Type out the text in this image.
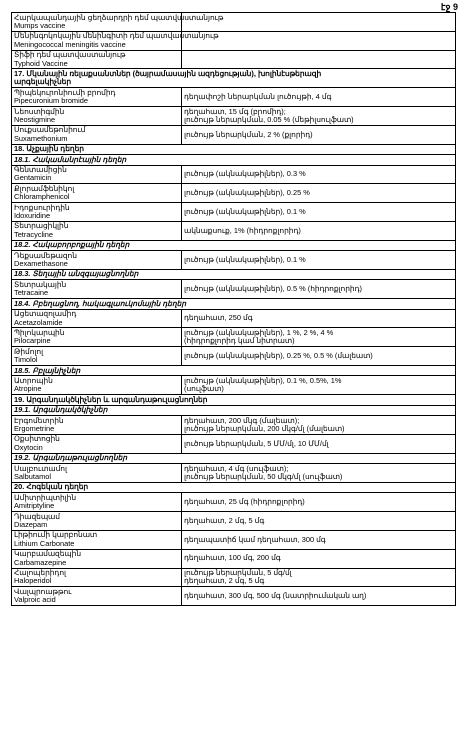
էջ 9
Հարկապանդային ցեղձարդրի դեմ պատվաստանյութ
Mumps vaccine	

Մենինգոկոկային մենինգիտի դեմ պատվաստանյութ
Meningococcal meningitis vaccine	

Տիֆի դեմ պատվաստանյութ
Typhoid Vaccine	

17. Մկանային ռելաքսանտներ (ծայրամասային ազդեցության), խոլինէսթերազի
արգելակիչներ	

Պիպեկուրոնիումի բրոմիդ
Pipecuronium bromide	դեղափոշի ներարկման լուծույթի, 4 մգ

Նեոստիգմին
Neostigmine	դեղահատ, 15 մգ (բրոմիդ);
լուծույթ ներարկման, 0.05 % (մեթիլսուլֆատ)

Սուքսամեթոնիում
Suxamethonium	լուծույթ ներարկման, 2 % (քլորիդ)

18. Աչքային դեղեր	

18.1. Հակամանրէային դեղեր	

Գենտամիցին
Gentamicin	լուծույթ (ակնակաթիլներ), 0.3 %

Քլորամֆենիկոլ
Chloramphenicol	լուծույթ (ակնակաթիլներ), 0.25 %

Իդոքսուրիդին
Idoxuridine	լուծույթ (ակնակաթիլներ), 0.1 %

Տետրացիկլին
Tetracycline	ակնաքսուք, 1% (հիդրոքլորիդ)

18.2. Հակաբորբոքային դեղեր	

Դեքսամեթազոն
Dexamethasone	լուծույթ (ակնակաթիլներ), 0.1 %

18.3. Տեղային անզգայացնողներ	

Տետրակային
Tetracaine	լուծույթ (ակնակաթիլներ), 0.5 % (հիդրոքլորիդ)

18.4. Բբեղացնող, հակագլաուկոմային դեղեր	

Ացետազոլամիդ
Acetazolamide	դեղահատ, 250 մգ

Պիլոկարպին
Pilocarpine	լուծույթ (ակնակաթիլներ), 1 %, 2 %, 4 %
(հիդրոքլորիդ կամ նիտրատ)

Թիմոլոլ
Timolol	լուծույթ (ակնակաթիլներ), 0.25 %, 0.5 % (մալեատ)

18.5. Բբլայնիչներ	

Ատրոպին
Atropine	լուծույթ (ակնակաթիլներ), 0.1 %, 0.5%, 1%
(սուլֆատ)

19. Արգանդակծկիչներ և արգանդաթուլացնողներ	

19.1. Արգանդակծկիչներ	

Էրգոմետրին
Ergometrine	դեղահատ, 200 մկգ (մալեատ);
լուծույթ ներարկման, 200 մկգ/մլ (մալեատ)

Օքսիտոցին
Oxytocin	լուծույթ ներարկման, 5 ՄՄ/մլ, 10 ՄՄ/մլ

19.2. Արգանդաթուլացնողներ	

Սալբուտամոլ
Salbutamol	դեղահատ, 4 մգ (սուլֆատ);
լուծույթ ներարկման, 50 մկգ/մլ (սուլֆատ)

20. Հոգեկան դեղեր	

Ամիտրիպտիլին
Amitriptyline	դեղահատ, 25 մգ (հիդրոքլորիդ)

Դիազեպամ
Diazepam	դեղահատ, 2 մգ, 5 մգ

Լիթիումի կարբոնատ
Lithium Carbonate	դեղապատիճ կամ դեղահատ, 300 մգ

Կարբամազեպին
Carbamazepine	դեղահատ, 100 մգ, 200 մգ

Հալոպերիդոլ
Haloperidol	լուծույթ ներարկման, 5 մգ/մլ
դեղահատ, 2 մգ, 5 մգ

Վալպրոաթթու
Valproic acid	դեղահատ, 300 մգ, 500 մգ (նատրիումական աղ)
